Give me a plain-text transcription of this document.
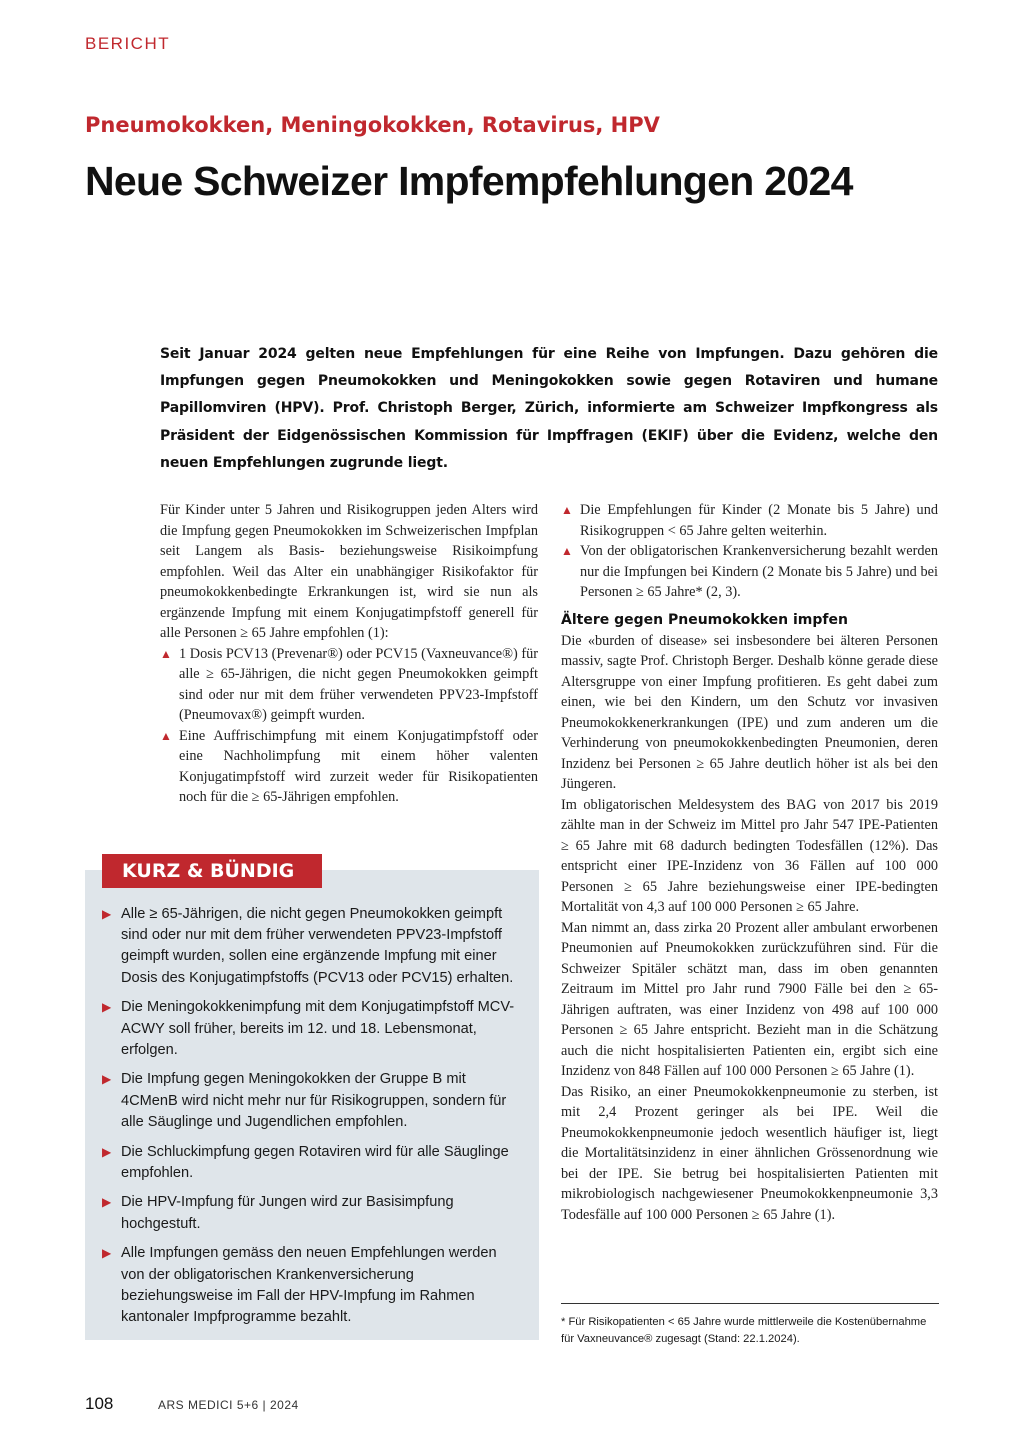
BERICHT
Pneumokokken, Meningokokken, Rotavirus, HPV
Neue Schweizer Impfempfehlungen 2024

Seit Januar 2024 gelten neue Empfehlungen für eine Reihe von Impfungen. Dazu gehören die Impfungen gegen Pneumokokken und Meningokokken sowie gegen Rotaviren und humane Papillomviren (HPV). Prof. Christoph Berger, Zürich, informierte am Schweizer Impfkongress als Präsident der Eidgenössischen Kommission für Impffragen (EKIF) über die Evidenz, welche den neuen Empfehlungen zugrunde liegt.

Für Kinder unter 5 Jahren und Risikogruppen jeden Alters wird die Impfung gegen Pneumokokken im Schweizerischen Impfplan seit Langem als Basis- beziehungsweise Risikoimpfung empfohlen. Weil das Alter ein unabhängiger Risikofaktor für pneumokokkenbedingte Erkrankungen ist, wird sie nun als ergänzende Impfung mit einem Konjugatimpfstoff generell für alle Personen ≥ 65 Jahre empfohlen (1):

▲ 1 Dosis PCV13 (Prevenar®) oder PCV15 (Vaxneuvance®) für alle ≥ 65-Jährigen, die nicht gegen Pneumokokken geimpft sind oder nur mit dem früher verwendeten PPV23-Impfstoff (Pneumovax®) geimpft wurden.
▲ Eine Auffrischimpfung mit einem Konjugatimpfstoff oder eine Nachholimpfung mit einem höher valenten Konjugatimpfstoff wird zurzeit weder für Risikopatienten noch für die ≥ 65-Jährigen empfohlen.
KURZ & BÜNDIG
▶ Alle ≥ 65-Jährigen, die nicht gegen Pneumokokken geimpft sind oder nur mit dem früher verwendeten PPV23-Impfstoff geimpft wurden, sollen eine ergänzende Impfung mit einer Dosis des Konjugatimpfstoffs (PCV13 oder PCV15) erhalten.
▶ Die Meningokokkenimpfung mit dem Konjugatimpfstoff MCV-ACWY soll früher, bereits im 12. und 18. Lebensmonat, erfolgen.
▶ Die Impfung gegen Meningokokken der Gruppe B mit 4CMenB wird nicht mehr nur für Risikogruppen, sondern für alle Säuglinge und Jugendlichen empfohlen.
▶ Die Schluckimpfung gegen Rotaviren wird für alle Säuglinge empfohlen.
▶ Die HPV-Impfung für Jungen wird zur Basisimpfung hochgestuft.
▶ Alle Impfungen gemäss den neuen Empfehlungen werden von der obligatorischen Krankenversicherung beziehungsweise im Fall der HPV-Impfung im Rahmen kantonaler Impfprogramme bezahlt.
▲ Die Empfehlungen für Kinder (2 Monate bis 5 Jahre) und Risikogruppen < 65 Jahre gelten weiterhin.
▲ Von der obligatorischen Krankenversicherung bezahlt werden nur die Impfungen bei Kindern (2 Monate bis 5 Jahre) und bei Personen ≥ 65 Jahre* (2, 3).
Ältere gegen Pneumokokken impfen

Die «burden of disease» sei insbesondere bei älteren Personen massiv, sagte Prof. Christoph Berger. Deshalb könne gerade diese Altersgruppe von einer Impfung profitieren. Es geht dabei zum einen, wie bei den Kindern, um den Schutz vor invasiven Pneumokokkenerkrankungen (IPE) und zum anderen um die Verhinderung von pneumokokkenbedingten Pneumonien, deren Inzidenz bei Personen ≥ 65 Jahre deutlich höher ist als bei den Jüngeren.

Im obligatorischen Meldesystem des BAG von 2017 bis 2019 zählte man in der Schweiz im Mittel pro Jahr 547 IPE-Patienten ≥ 65 Jahre mit 68 dadurch bedingten Todesfällen (12%). Das entspricht einer IPE-Inzidenz von 36 Fällen auf 100 000 Personen ≥ 65 Jahre beziehungsweise einer IPE-bedingten Mortalität von 4,3 auf 100 000 Personen ≥ 65 Jahre.

Man nimmt an, dass zirka 20 Prozent aller ambulant erworbenen Pneumonien auf Pneumokokken zurückzuführen sind. Für die Schweizer Spitäler schätzt man, dass im oben genannten Zeitraum im Mittel pro Jahr rund 7900 Fälle bei den ≥ 65-Jährigen auftraten, was einer Inzidenz von 498 auf 100 000 Personen ≥ 65 Jahre entspricht. Bezieht man in die Schätzung auch die nicht hospitalisierten Patienten ein, ergibt sich eine Inzidenz von 848 Fällen auf 100 000 Personen ≥ 65 Jahre (1).

Das Risiko, an einer Pneumokokkenpneumonie zu sterben, ist mit 2,4 Prozent geringer als bei IPE. Weil die Pneumokokkenpneumonie jedoch wesentlich häufiger ist, liegt die Mortalitätsinzidenz in einer ähnlichen Grössenordnung wie bei der IPE. Sie betrug bei hospitalisierten Patienten mit mikrobiologisch nachgewiesener Pneumokokkenpneumonie 3,3 Todesfälle auf 100 000 Personen ≥ 65 Jahre (1).

* Für Risikopatienten < 65 Jahre wurde mittlerweile die Kostenübernahme für Vaxneuvance® zugesagt (Stand: 22.1.2024).

108	ARS MEDICI 5+6 | 2024
